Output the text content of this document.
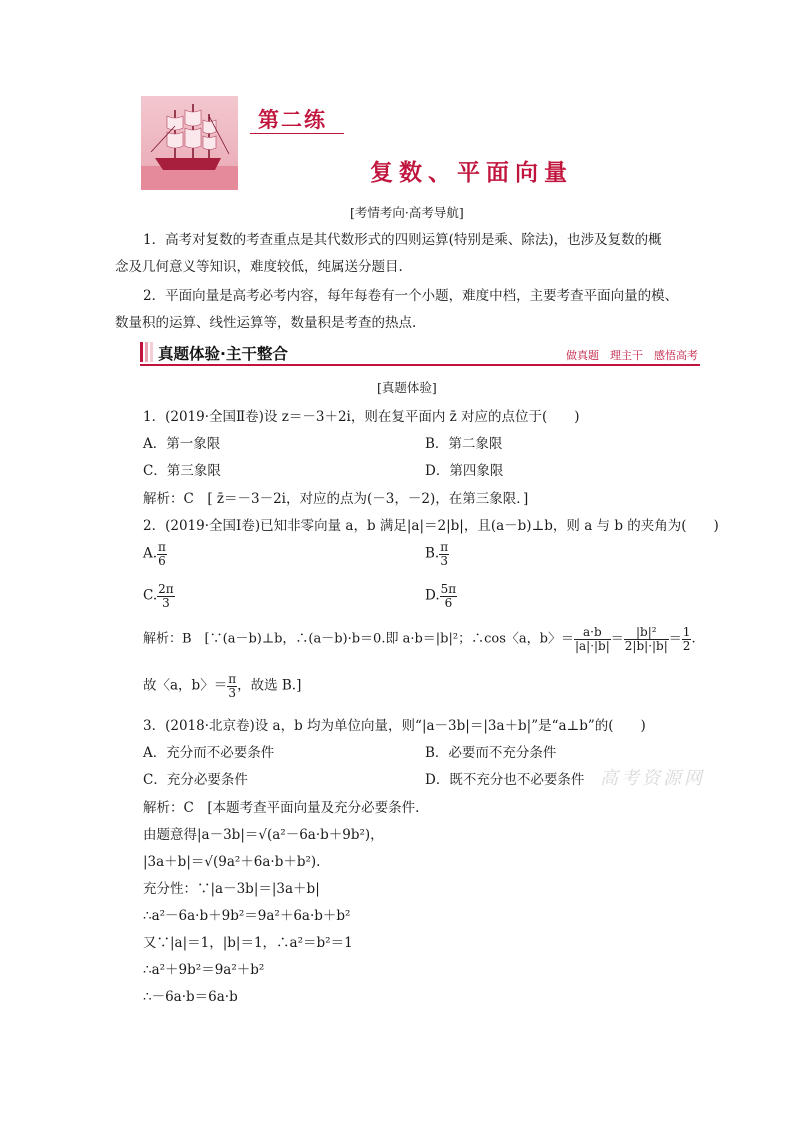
第二练
复数、平面向量
[考情考向·高考导航]
1．高考对复数的考查重点是其代数形式的四则运算(特别是乘、除法)，也涉及复数的概
念及几何意义等知识，难度较低，纯属送分题目.
2．平面向量是高考必考内容，每年每卷有一个小题，难度中档，主要考查平面向量的模、
数量积的运算、线性运算等，数量积是考查的热点.
真题体验·主干整合	做真题　理主干　感悟高考
[真题体验]
1．(2019·全国Ⅱ卷)设 z＝－3＋2i，则在复平面内 z̄ 对应的点位于(　　)
A．第一象限	B．第二象限
C．第三象限	D．第四象限
解析：C　[ z̄＝－3－2i，对应的点为(－3，－2)，在第三象限．]
2．(2019·全国Ⅰ卷)已知非零向量 a，b 满足|a|＝2|b|，且(a－b)⊥b，则 a 与 b 的夹角为(　　)
A. $\frac{\pi}{6}$	B. $\frac{\pi}{3}$
C. $\frac{2\pi}{3}$	D. $\frac{5\pi}{6}$
解析：B　[∵(a－b)⊥b，∴(a－b)·b＝0.即 a·b＝|b|²；∴cos〈a，b〉＝ $\frac{a\cdot b}{|a|\cdot|b|} = \frac{\text{|b|²}}{2|b|\cdot|b|} = \frac{1}{2}$ .
故〈a，b〉＝ $\frac{\pi}{3}$ ，故选 B.]
3．(2018·北京卷)设 a，b 均为单位向量，则“|a－3b|＝|3a＋b|”是“a⊥b”的(　　)
A．充分而不必要条件	B．必要而不充分条件
C．充分必要条件	D．既不充分也不必要条件 高考资源网
解析：C　[本题考查平面向量及充分必要条件.
由题意得|a－3b|＝√(a²－6a·b＋9b²)，
|3a＋b|＝√(9a²＋6a·b＋b²).
充分性：∵|a－3b|＝|3a＋b|
∴a²－6a·b＋9b²＝9a²＋6a·b＋b²
又∵|a|＝1，|b|＝1，∴a²＝b²＝1
∴a²＋9b²＝9a²＋b²
∴－6a·b＝6a·b
